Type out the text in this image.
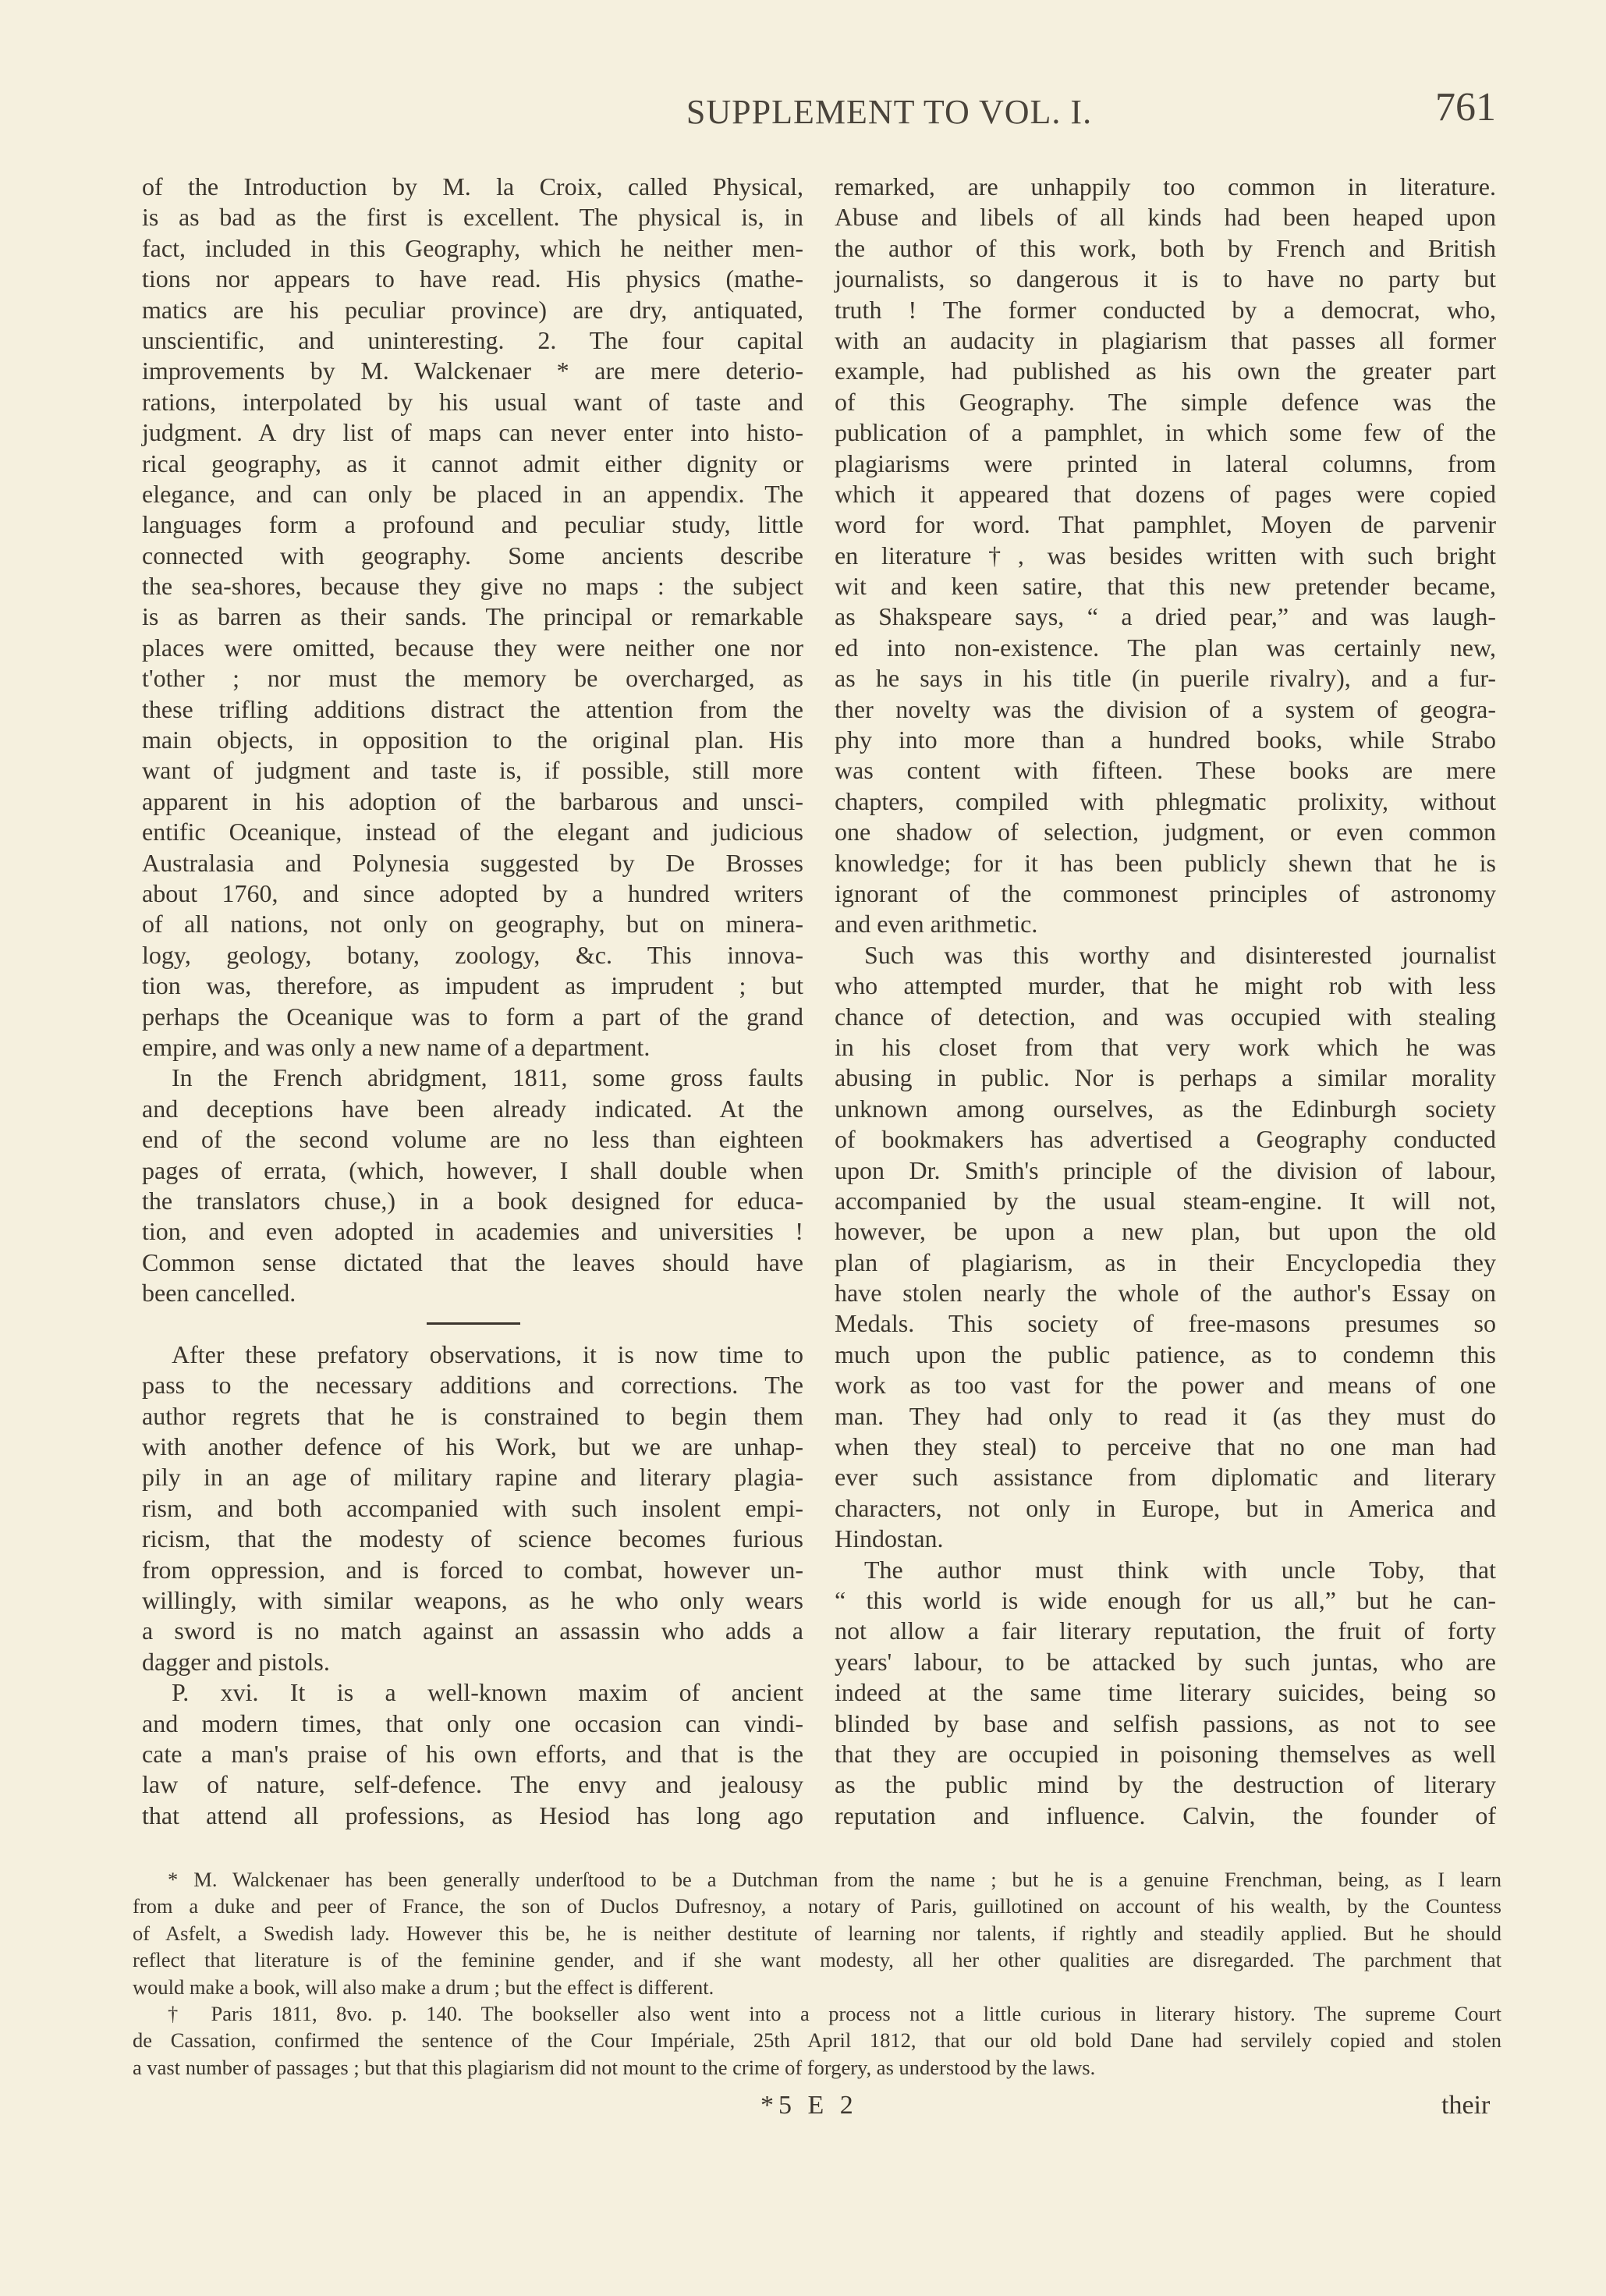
SUPPLEMENT TO VOL. I.	761
of the Introduction by M. la Croix, called Physical,
is as bad as the first is excellent. The physical is, in
fact, included in this Geography, which he neither men-
tions nor appears to have read. His physics (mathe-
matics are his peculiar province) are dry, antiquated,
unscientific, and uninteresting. 2. The four capital
improvements by M. Walckenaer * are mere deterio-
rations, interpolated by his usual want of taste and
judgment. A dry list of maps can never enter into histo-
rical geography, as it cannot admit either dignity or
elegance, and can only be placed in an appendix. The
languages form a profound and peculiar study, little
connected with geography. Some ancients describe
the sea-shores, because they give no maps : the subject
is as barren as their sands. The principal or remarkable
places were omitted, because they were neither one nor
t'other ; nor must the memory be overcharged, as
these trifling additions distract the attention from the
main objects, in opposition to the original plan. His
want of judgment and taste is, if possible, still more
apparent in his adoption of the barbarous and unsci-
entific Oceanique, instead of the elegant and judicious
Australasia and Polynesia suggested by De Brosses
about 1760, and since adopted by a hundred writers
of all nations, not only on geography, but on minera-
logy, geology, botany, zoology, &c. This innova-
tion was, therefore, as impudent as imprudent ; but
perhaps the Oceanique was to form a part of the grand
empire, and was only a new name of a department.
In the French abridgment, 1811, some gross faults
and deceptions have been already indicated. At the
end of the second volume are no less than eighteen
pages of errata, (which, however, I shall double when
the translators chuse,) in a book designed for educa-
tion, and even adopted in academies and universities !
Common sense dictated that the leaves should have
been cancelled.
After these prefatory observations, it is now time to
pass to the necessary additions and corrections. The
author regrets that he is constrained to begin them
with another defence of his Work, but we are unhap-
pily in an age of military rapine and literary plagia-
rism, and both accompanied with such insolent empi-
ricism, that the modesty of science becomes furious
from oppression, and is forced to combat, however un-
willingly, with similar weapons, as he who only wears
a sword is no match against an assassin who adds a
dagger and pistols.
P. xvi. It is a well-known maxim of ancient
and modern times, that only one occasion can vindi-
cate a man's praise of his own efforts, and that is the
law of nature, self-defence. The envy and jealousy
that attend all professions, as Hesiod has long ago
remarked, are unhappily too common in literature.
Abuse and libels of all kinds had been heaped upon
the author of this work, both by French and British
journalists, so dangerous it is to have no party but
truth ! The former conducted by a democrat, who,
with an audacity in plagiarism that passes all former
example, had published as his own the greater part
of this Geography. The simple defence was the
publication of a pamphlet, in which some few of the
plagiarisms were printed in lateral columns, from
which it appeared that dozens of pages were copied
word for word. That pamphlet, Moyen de parvenir
en literature†, was besides written with such bright
wit and keen satire, that this new pretender became,
as Shakspeare says, “ a dried pear,” and was laugh-
ed into non-existence. The plan was certainly new,
as he says in his title (in puerile rivalry), and a fur-
ther novelty was the division of a system of geogra-
phy into more than a hundred books, while Strabo
was content with fifteen. These books are mere
chapters, compiled with phlegmatic prolixity, without
one shadow of selection, judgment, or even common
knowledge; for it has been publicly shewn that he is
ignorant of the commonest principles of astronomy
and even arithmetic.
Such was this worthy and disinterested journalist
who attempted murder, that he might rob with less
chance of detection, and was occupied with stealing
in his closet from that very work which he was
abusing in public. Nor is perhaps a similar morality
unknown among ourselves, as the Edinburgh society
of bookmakers has advertised a Geography conducted
upon Dr. Smith's principle of the division of labour,
accompanied by the usual steam-engine. It will not,
however, be upon a new plan, but upon the old
plan of plagiarism, as in their Encyclopedia they
have stolen nearly the whole of the author's Essay on
Medals. This society of free-masons presumes so
much upon the public patience, as to condemn this
work as too vast for the power and means of one
man. They had only to read it (as they must do
when they steal) to perceive that no one man had
ever such assistance from diplomatic and literary
characters, not only in Europe, but in America and
Hindostan.
The author must think with uncle Toby, that
“ this world is wide enough for us all,” but he can-
not allow a fair literary reputation, the fruit of forty
years' labour, to be attacked by such juntas, who are
indeed at the same time literary suicides, being so
blinded by base and selfish passions, as not to see
that they are occupied in poisoning themselves as well
as the public mind by the destruction of literary
reputation and influence. Calvin, the founder of
* M. Walckenaer has been generally underſtood to be a Dutchman from the name ; but he is a genuine Frenchman, being, as I learn
from a duke and peer of France, the son of Duclos Dufresnoy, a notary of Paris, guillotined on account of his wealth, by the Countess
of Asfelt, a Swedish lady. However this be, he is neither destitute of learning nor talents, if rightly and steadily applied. But he should
reflect that literature is of the feminine gender, and if she want modesty, all her other qualities are disregarded. The parchment that
would make a book, will also make a drum ; but the effect is different.
† Paris 1811, 8vo. p. 140. The bookseller also went into a process not a little curious in literary history. The supreme Court
de Cassation, confirmed the sentence of the Cour Impériale, 25th April 1812, that our old bold Dane had servilely copied and stolen
a vast number of passages ; but that this plagiarism did not mount to the crime of forgery, as understood by the laws.
*5 E 2	their
